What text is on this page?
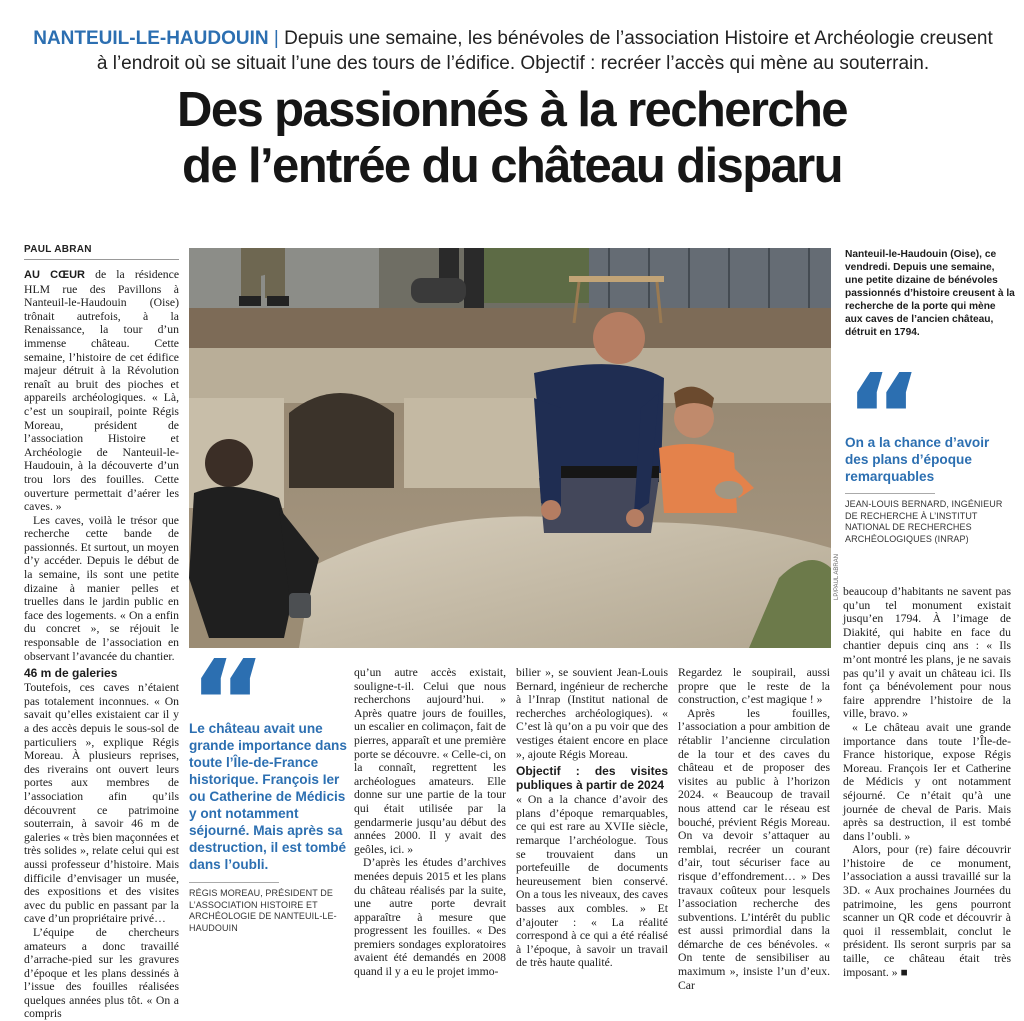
NANTEUIL-LE-HAUDOUIN | Depuis une semaine, les bénévoles de l’association Histoire et Archéologie creusent à l’endroit où se situait l’une des tours de l’édifice. Objectif : recréer l’accès qui mène au souterrain.
Des passionnés à la recherche
de l’entrée du château disparu
PAUL ABRAN

AU CŒUR de la résidence HLM rue des Pavillons à Nanteuil-le-Haudouin (Oise) trônait autrefois, à la Renaissance, la tour d’un immense château. Cette semaine, l’histoire de cet édifice majeur détruit à la Révolution renaît au bruit des pioches et appareils archéologiques. « Là, c’est un soupirail, pointe Régis Moreau, président de l’association Histoire et Archéologie de Nanteuil-le-Haudouin, à la découverte d’un trou lors des fouilles. Cette ouverture permettait d’aérer les caves. »

Les caves, voilà le trésor que recherche cette bande de passionnés. Et surtout, un moyen d’y accéder. Depuis le début de la semaine, ils sont une petite dizaine à manier pelles et truelles dans le jardin public en face des logements. « On a enfin du concret », se réjouit le responsable de l’association en observant l’avancée du chantier.

46 m de galeries

Toutefois, ces caves n’étaient pas totalement inconnues. « On savait qu’elles existaient car il y a des accès depuis le sous-sol de particuliers », explique Régis Moreau. À plusieurs reprises, des riverains ont ouvert leurs portes aux membres de l’association afin qu’ils découvrent ce patrimoine souterrain, à savoir 46 m de galeries « très bien maçonnées et très solides », relate celui qui est aussi professeur d’histoire. Mais difficile d’envisager un musée, des expositions et des visites avec du public en passant par la cave d’un propriétaire privé…

L’équipe de chercheurs amateurs a donc travaillé d’arrache-pied sur les gravures d’époque et les plans dessinés à l’issue des fouilles réalisées quelques années plus tôt. « On a compris

LP/PAUL ABRAN
Nanteuil-le-Haudouin (Oise), ce vendredi. Depuis une semaine, une petite dizaine de bénévoles passionnés d’histoire creusent à la recherche de la porte qui mène aux caves de l’ancien château, détruit en 1794.
On a la chance d’avoir des plans d’époque remarquables
JEAN-LOUIS BERNARD, INGÉNIEUR DE RECHERCHE À L’INSTITUT NATIONAL DE RECHERCHES ARCHÉOLOGIQUES (INRAP)
Le château avait une grande importance dans toute l’Île-de-France historique. François Ier ou Catherine de Médicis y ont notamment séjourné. Mais après sa destruction, il est tombé dans l’oubli.
RÉGIS MOREAU, PRÉSIDENT DE L’ASSOCIATION HISTOIRE ET ARCHÉOLOGIE DE NANTEUIL-LE-HAUDOUIN

qu’un autre accès existait, souligne-t-il. Celui que nous recherchons aujourd’hui. » Après quatre jours de fouilles, un escalier en colimaçon, fait de pierres, apparaît et une première porte se découvre. « Celle-ci, on la connaît, regrettent les archéologues amateurs. Elle donne sur une partie de la tour qui était utilisée par la gendarmerie jusqu’au début des années 2000. Il y avait des geôles, ici. »

D’après les études d’archives menées depuis 2015 et les plans du château réalisés par la suite, une autre porte devrait apparaître à mesure que progressent les fouilles. « Des premiers sondages exploratoires avaient été demandés en 2008 quand il y a eu le projet immo-

bilier », se souvient Jean-Louis Bernard, ingénieur de recherche à l’Inrap (Institut national de recherches archéologiques). « C’est là qu’on a pu voir que des vestiges étaient encore en place », ajoute Régis Moreau.

Objectif : des visites publiques à partir de 2024

« On a la chance d’avoir des plans d’époque remarquables, ce qui est rare au XVIIe siècle, remarque l’archéologue. Tous se trouvaient dans un portefeuille de documents heureusement bien conservé. On a tous les niveaux, des caves basses aux combles. » Et d’ajouter : « La réalité correspond à ce qui a été réalisé à l’époque, à savoir un travail de très haute qualité.

Regardez le soupirail, aussi propre que le reste de la construction, c’est magique ! »

Après les fouilles, l’association a pour ambition de rétablir l’ancienne circulation de la tour et des caves du château et de proposer des visites au public à l’horizon 2024. « Beaucoup de travail nous attend car le réseau est bouché, prévient Régis Moreau. On va devoir s’attaquer au remblai, recréer un courant d’air, tout sécuriser face au risque d’effondrement… » Des travaux coûteux pour lesquels l’association recherche des subventions. L’intérêt du public est aussi primordial dans la démarche de ces bénévoles. « On tente de sensibiliser au maximum », insiste l’un d’eux. Car

beaucoup d’habitants ne savent pas qu’un tel monument existait jusqu’en 1794. À l’image de Diakité, qui habite en face du chantier depuis cinq ans : « Ils m’ont montré les plans, je ne savais pas qu’il y avait un château ici. Ils font ça bénévolement pour nous faire apprendre l’histoire de la ville, bravo. »

« Le château avait une grande importance dans toute l’Île-de-France historique, expose Régis Moreau. François Ier et Catherine de Médicis y ont notamment séjourné. Ce n’était qu’à une journée de cheval de Paris. Mais après sa destruction, il est tombé dans l’oubli. »

Alors, pour (re) faire découvrir l’histoire de ce monument, l’association a aussi travaillé sur la 3D. « Aux prochaines Journées du patrimoine, les gens pourront scanner un QR code et découvrir à quoi il ressemblait, conclut le président. Ils seront surpris par sa taille, ce château était très imposant. » ■
